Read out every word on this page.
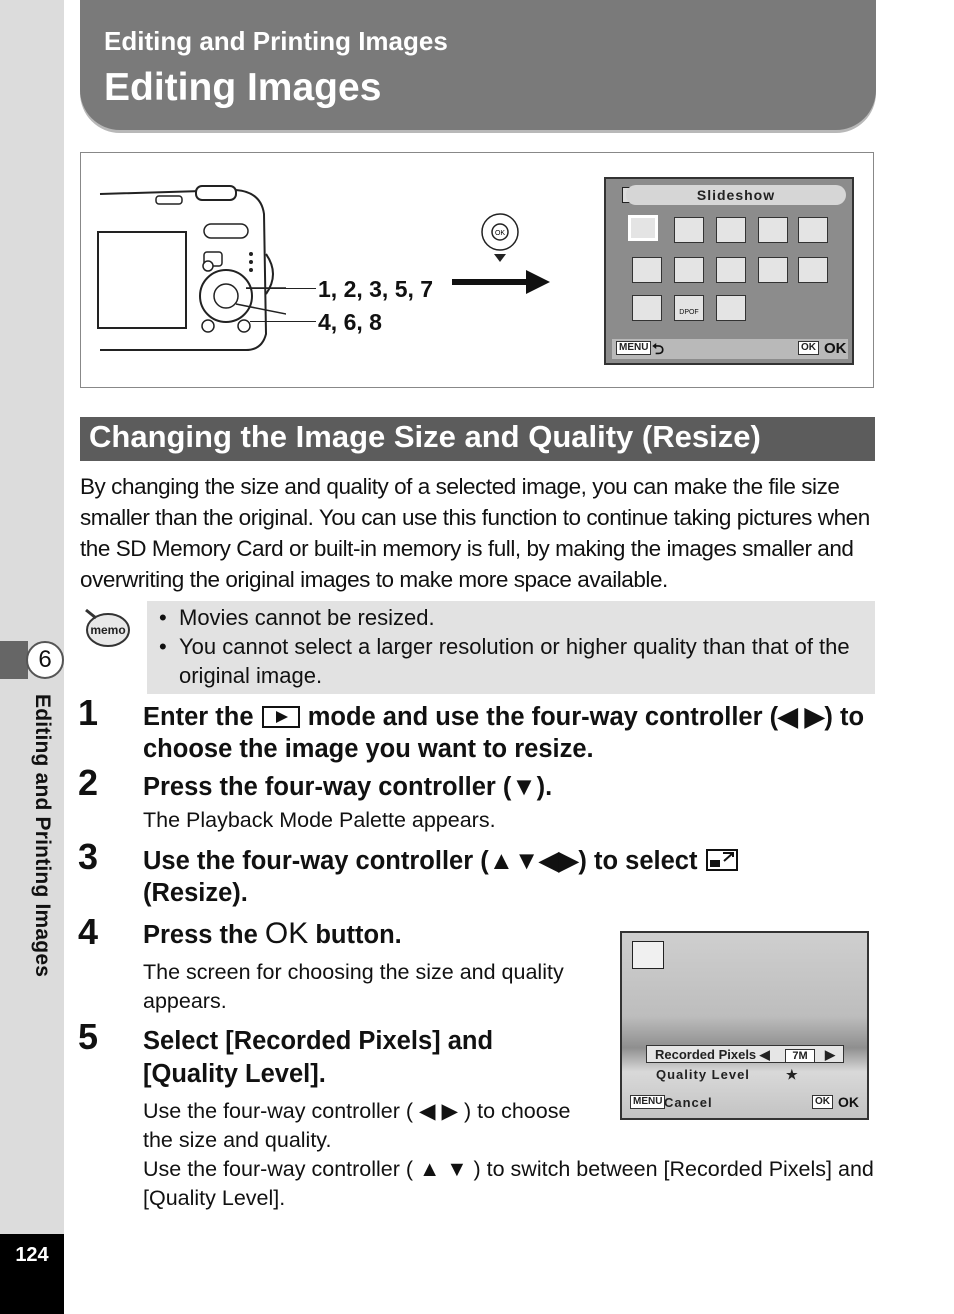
6
Editing and Printing Images
124
Editing and Printing Images
Editing Images
1, 2, 3, 5, 7
4, 6, 8
OK
Slideshow
DPOF
MENU ⮌	OK OK
Changing the Image Size and Quality (Resize)
By changing the size and quality of a selected image, you can make the file size smaller than the original. You can use this function to continue taking pictures when the SD Memory Card or built-in memory is full, by making the images smaller and overwriting the original images to make more space available.
memo
•	Movies cannot be resized.
• You cannot select a larger resolution or higher quality than that of the original image.
1 Enter the mode and use the four-way controller (◀ ▶) to choose the image you want to resize.
2 Press the four-way controller (▼).
The Playback Mode Palette appears.
3 Use the four-way controller (▲▼◀▶) to select
(Resize).
4 Press the OK button.
The screen for choosing the size and quality appears.
5 Select [Recorded Pixels] and [Quality Level].
Use the four-way controller ( ◀ ▶ ) to choose the size and quality.
Use the four-way controller ( ▲ ▼ ) to switch between [Recorded Pixels] and [Quality Level].
Recorded Pixels ◀ 7M ▶
Quality Level	★
MENU Cancel	OK OK
